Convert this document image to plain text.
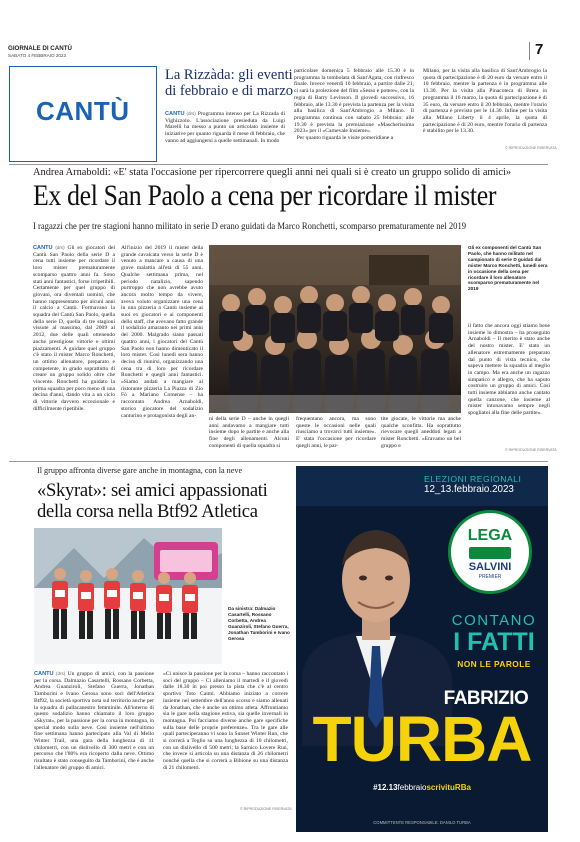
GIORNALE DI CANTÙ
SABATO 4 FEBBRAIO 2023	7
CANTÙ
La Rizzàda: gli eventi di febbraio e di marzo
CANTÙ (drs) Programma intenso per La Rizzada di Vighizzolo. L'associazione presieduta da Luigi Marelli ha messo a punto un articolato insieme di iniziative per quanto riguarda il mese di febbraio, che vanno ad aggiungersi a quelle settimanali. In modo
particolare domenica 5 febbraio alle 15.30 è in programma la tombolata di Sant'Agata, con rinfresco finale. Invece venerdì 10 febbraio, a partire dalle 21, ci sarà la proiezione del film «Sesso e potere», con la regia di Barry Levinson. Il giovedì successivo, 16 febbraio, alle 13.30 è prevista la partenza per la visita alla basilica di Sant'Ambrogio a Milano. Il programma continua con sabato 25 febbraio: alle 19.30 è prevista la premiazione «Mascherissima 2023» per il «Carnevale Insieme».
Per quanto riguarda le visite pomeridiane a
Milano, per la visita alla basilica di Sant'Ambrogio la quota di partecipazione è di 20 euro da versare entro il 10 febbraio, mentre la partenza è in programma alle 13.30. Per la visita alla Pinacoteca di Brera in programma il 16 marzo, la quota di partecipazione è di 35 euro, da versare entro il 20 febbraio, mentre l'orario di partenza è previsto per le 14.30. Infine per la visita alla Milano Liberty il 4 aprile, la quota di partecipazione è di 20 euro, mentre l'orario di partenza è stabilito per le 13.30.
© RIPRODUZIONE RISERVATA
Andrea Arnaboldi: «E' stata l'occasione per ripercorrere quegli anni nei quali si è creato un gruppo solido di amici»
Ex del San Paolo a cena per ricordare il mister
I ragazzi che per tre stagioni hanno militato in serie D erano guidati da Marco Ronchetti, scomparso prematuramente nel 2019
CANTÙ (drs) Gli ex giocatori del Cantù San Paolo della serie D a cena tutti insieme per ricordare il loro mister prematuramente scomparso quattro anni fa. Sono stati anni fantastici, forse irripetibili. Certamente per quel gruppo di giovani, ora diventati uomini, che hanno rappresentato per alcuni anni il calcio a Cantù. Formavano la squadra del Cantù San Paolo, quella della serie D, quella di tre stagioni vissute al massimo, dal 2009 al 2012, due delle quali ottenendo anche prestigiose vittorie e ottimi piazzamenti. A guidare quel gruppo c'è stato il mister Marco Ronchetti, un ottimo allenatore, preparato e competente, in grado soprattutto di creare un gruppo solido oltre che vincente. Ronchetti ha guidato la prima squadra per poco meno di una decina d'anni, dando vita a un ciclo di vittorie davvero eccezionale e difficilmente ripetibile.
All'inizio del 2019 il mister della grande cavalcata verso la serie D è venuto a mancare a causa di una grave malattia all'età di 55 anni. Qualche settimana prima, nel periodo natalizio, sapendo purtroppo che non avrebbe avuto ancora molto tempo da vivere, aveva voluto organizzare una cena in una pizzeria a Cantù insieme ai suoi ex giocatori e ai componenti dello staff, che avevano fatto grande il sodalizio amaranto nei primi anni del 2000. Malgrado siano passati quattro anni, i giocatori del Cantù San Paolo non hanno dimenticato il loro mister. Così lunedì sera hanno deciso di riunirsi, organizzando una cena tra di loro per ricordare Ronchetti e quegli anni fantastici. «Siamo andati a mangiare al ristorante pizzeria La Piazza di Zio Fò a Mariano Comense – ha raccontato Andrea Arnaboldi, storico giocatore del sodalizio canturino e protagonista degli an-
Gli ex componenti del Cantù San Paolo, che hanno militato nel campionato di serie D guidati dal mister Marco Ronchetti, lunedì sera in occasione della cena per ricordare il loro allenatore scomparso prematuramente nel 2019
ni della serie D – anche in quegli anni andavamo a mangiare tutti insieme dopo le partite e anche alla fine degli allenamenti. Alcuni componenti di quella squadra si
frequentano ancora, ma sono queste le occasioni nelle quali riusciamo a trovarci tutti insieme». E' stata l'occasione per ricordare quegli anni, le par-
tite giocate, le vittorie ma anche qualche sconfitta. Ha soprattutto rievocare quegli aneddoti legati a mister Ronchetti. «Eravamo un bel gruppo e
il fatto che ancora oggi stiamo bene insieme lo dimostra – ha proseguito Arnaboldi – Il merito è stato anche del nostro mister. E' stato un allenatore estremamente preparato dal punto di vista tecnico, che sapeva mettere la squadra al meglio in campo. Ma era anche un ragazzo simpatico e allegro, che ha saputo costruire un gruppo di amici. Così tutti insieme abbiamo anche cantato quella canzone, che insieme al mister intonavamo sempre negli spogliatoi alla fine delle partite».
© RIPRODUZIONE RISERVATA
Il gruppo affronta diverse gare anche in montagna, con la neve
«Skyrat»: sei amici appassionati della corsa nella Btf92 Atletica
Da sinistra: Dalmazio Casartelli, Rossano Corbetta, Andrea Guanziroli, Stefano Guerra, Jonathan Tamborini e Ivano Gerosa
CANTÙ (drs) Un gruppo di amici, con la passione per la corsa. Dalmazio Casartelli, Rossano Corbetta, Andrea Guanziroli, Stefano Guerra, Jonathan Tamborini e Ivano Gerosa sono soci dell'Atletica Btf92, la società sportiva nota sul territorio anche per la squadra di pallacanestro femminile. All'interno di questo sodalizio hanno chiamato il loro gruppo «Skyrat», per la passione per la corsa in montagna, in special modo sulla neve. Così insieme nell'ultimo fine settimana hanno partecipato alla Val di Mello Winter Trail, una gara della lunghezza di 11 chilometri, con un dislivello di 300 metri e con un percorso che l'80% era ricoperto dalla neve. Ottimo risultato è stato conseguito da Tamborini, che è anche l'allenatore del gruppo di amici.
«Ci unisce la passione per la corsa – hanno raccontato i soci del gruppo – Ci alleniamo il martedì e il giovedì dalle 18.30 in poi presso la pista che c'è al centro sportivo Toto Caimi. Abbiamo iniziato a correre insieme nel settembre dell'anno scorso e siamo allenati da Jonathan, che è anche un ottimo atleta. Affrontiamo sia le gare nella stagione estiva, sia quelle invernali in montagna. Poi facciamo diverse anche gare specifiche sulla base delle proprie preferenze». Tra le gare alle quali parteciperanno vi sono la Sunset Winter Run, che si correrà a Teglio su una lunghezza di 10 chilometri, con un dislivello di 500 metri; la Sarnico Lovere Run, che invece si articola su una distanza di 26 chilometri nonché quella che si correrà a Bibione su una distanza di 21 chilometri.
© RIPRODUZIONE RISERVATA
ELEZIONI REGIONALI
12_13.febbraio.2023
LEGA
SALVINI
PREMIER
CONTANO
I FATTI
NON LE PAROLE
FABRIZIO
TURBA
#12.13febbraioscrivituRBa
COMMITTENTE RESPONSABILE: DANILO TURBA
